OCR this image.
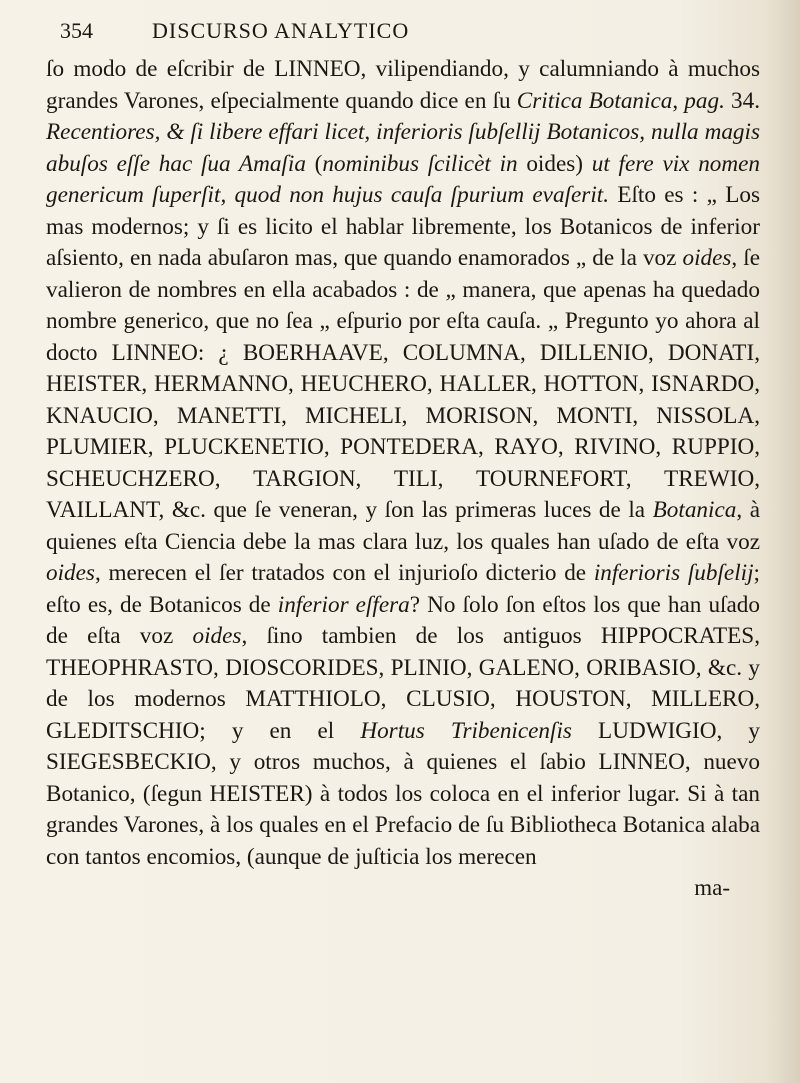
354	DISCURSO ANALYTICO

ſo modo de eſcribir de LINNEO, vilipendiando, y calumniando à muchos grandes Varones, eſpecialmente quando dice en ſu Critica Botanica, pag. 34. Recentiores, & ſi libere effari licet, inferioris ſubſellij Botanicos, nulla magis abuſos eſſe hac ſua Amaſia (nominibus ſcilicèt in oides) ut fere vix nomen genericum ſuperſit, quod non hujus cauſa ſpurium evaſerit. Eſto es : „ Los mas modernos; y ſi es licito el hablar libremente, los Botanicos de inferior aſsiento, en nada abuſaron mas, que quando enamorados „ de la voz oides, ſe valieron de nombres en ella acabados : de „ manera, que apenas ha quedado nombre generico, que no ſea „ eſpurio por eſta cauſa. „ Pregunto yo ahora al docto LINNEO: ¿ BOERHAAVE, COLUMNA, DILLENIO, DONATI, HEISTER, HERMANNO, HEUCHERO, HALLER, HOTTON, ISNARDO, KNAUCIO, MANETTI, MICHELI, MORISON, MONTI, NISSOLA, PLUMIER, PLUCKENETIO, PONTEDERA, RAYO, RIVINO, RUPPIO, SCHEUCHZERO, TARGION, TILI, TOURNEFORT, TREWIO, VAILLANT, &c. que ſe veneran, y ſon las primeras luces de la Botanica, à quienes eſta Ciencia debe la mas clara luz, los quales han uſado de eſta voz oides, merecen el ſer tratados con el injurioſo dicterio de inferioris ſubſelij; eſto es, de Botanicos de inferior eſfera? No ſolo ſon eſtos los que han uſado de eſta voz oides, ſino tambien de los antiguos HIPPOCRATES, THEOPHRASTO, DIOSCORIDES, PLINIO, GALENO, ORIBASIO, &c. y de los modernos MATTHIOLO, CLUSIO, HOUSTON, MILLERO, GLEDITSCHIO; y en el Hortus Tribenicenſis LUDWIGIO, y SIEGESBECKIO, y otros muchos, à quienes el ſabio LINNEO, nuevo Botanico, (ſegun HEISTER) à todos los coloca en el inferior lugar. Si à tan grandes Varones, à los quales en el Prefacio de ſu Bibliotheca Botanica alaba con tantos encomios, (aunque de juſticia los merecen

ma-
